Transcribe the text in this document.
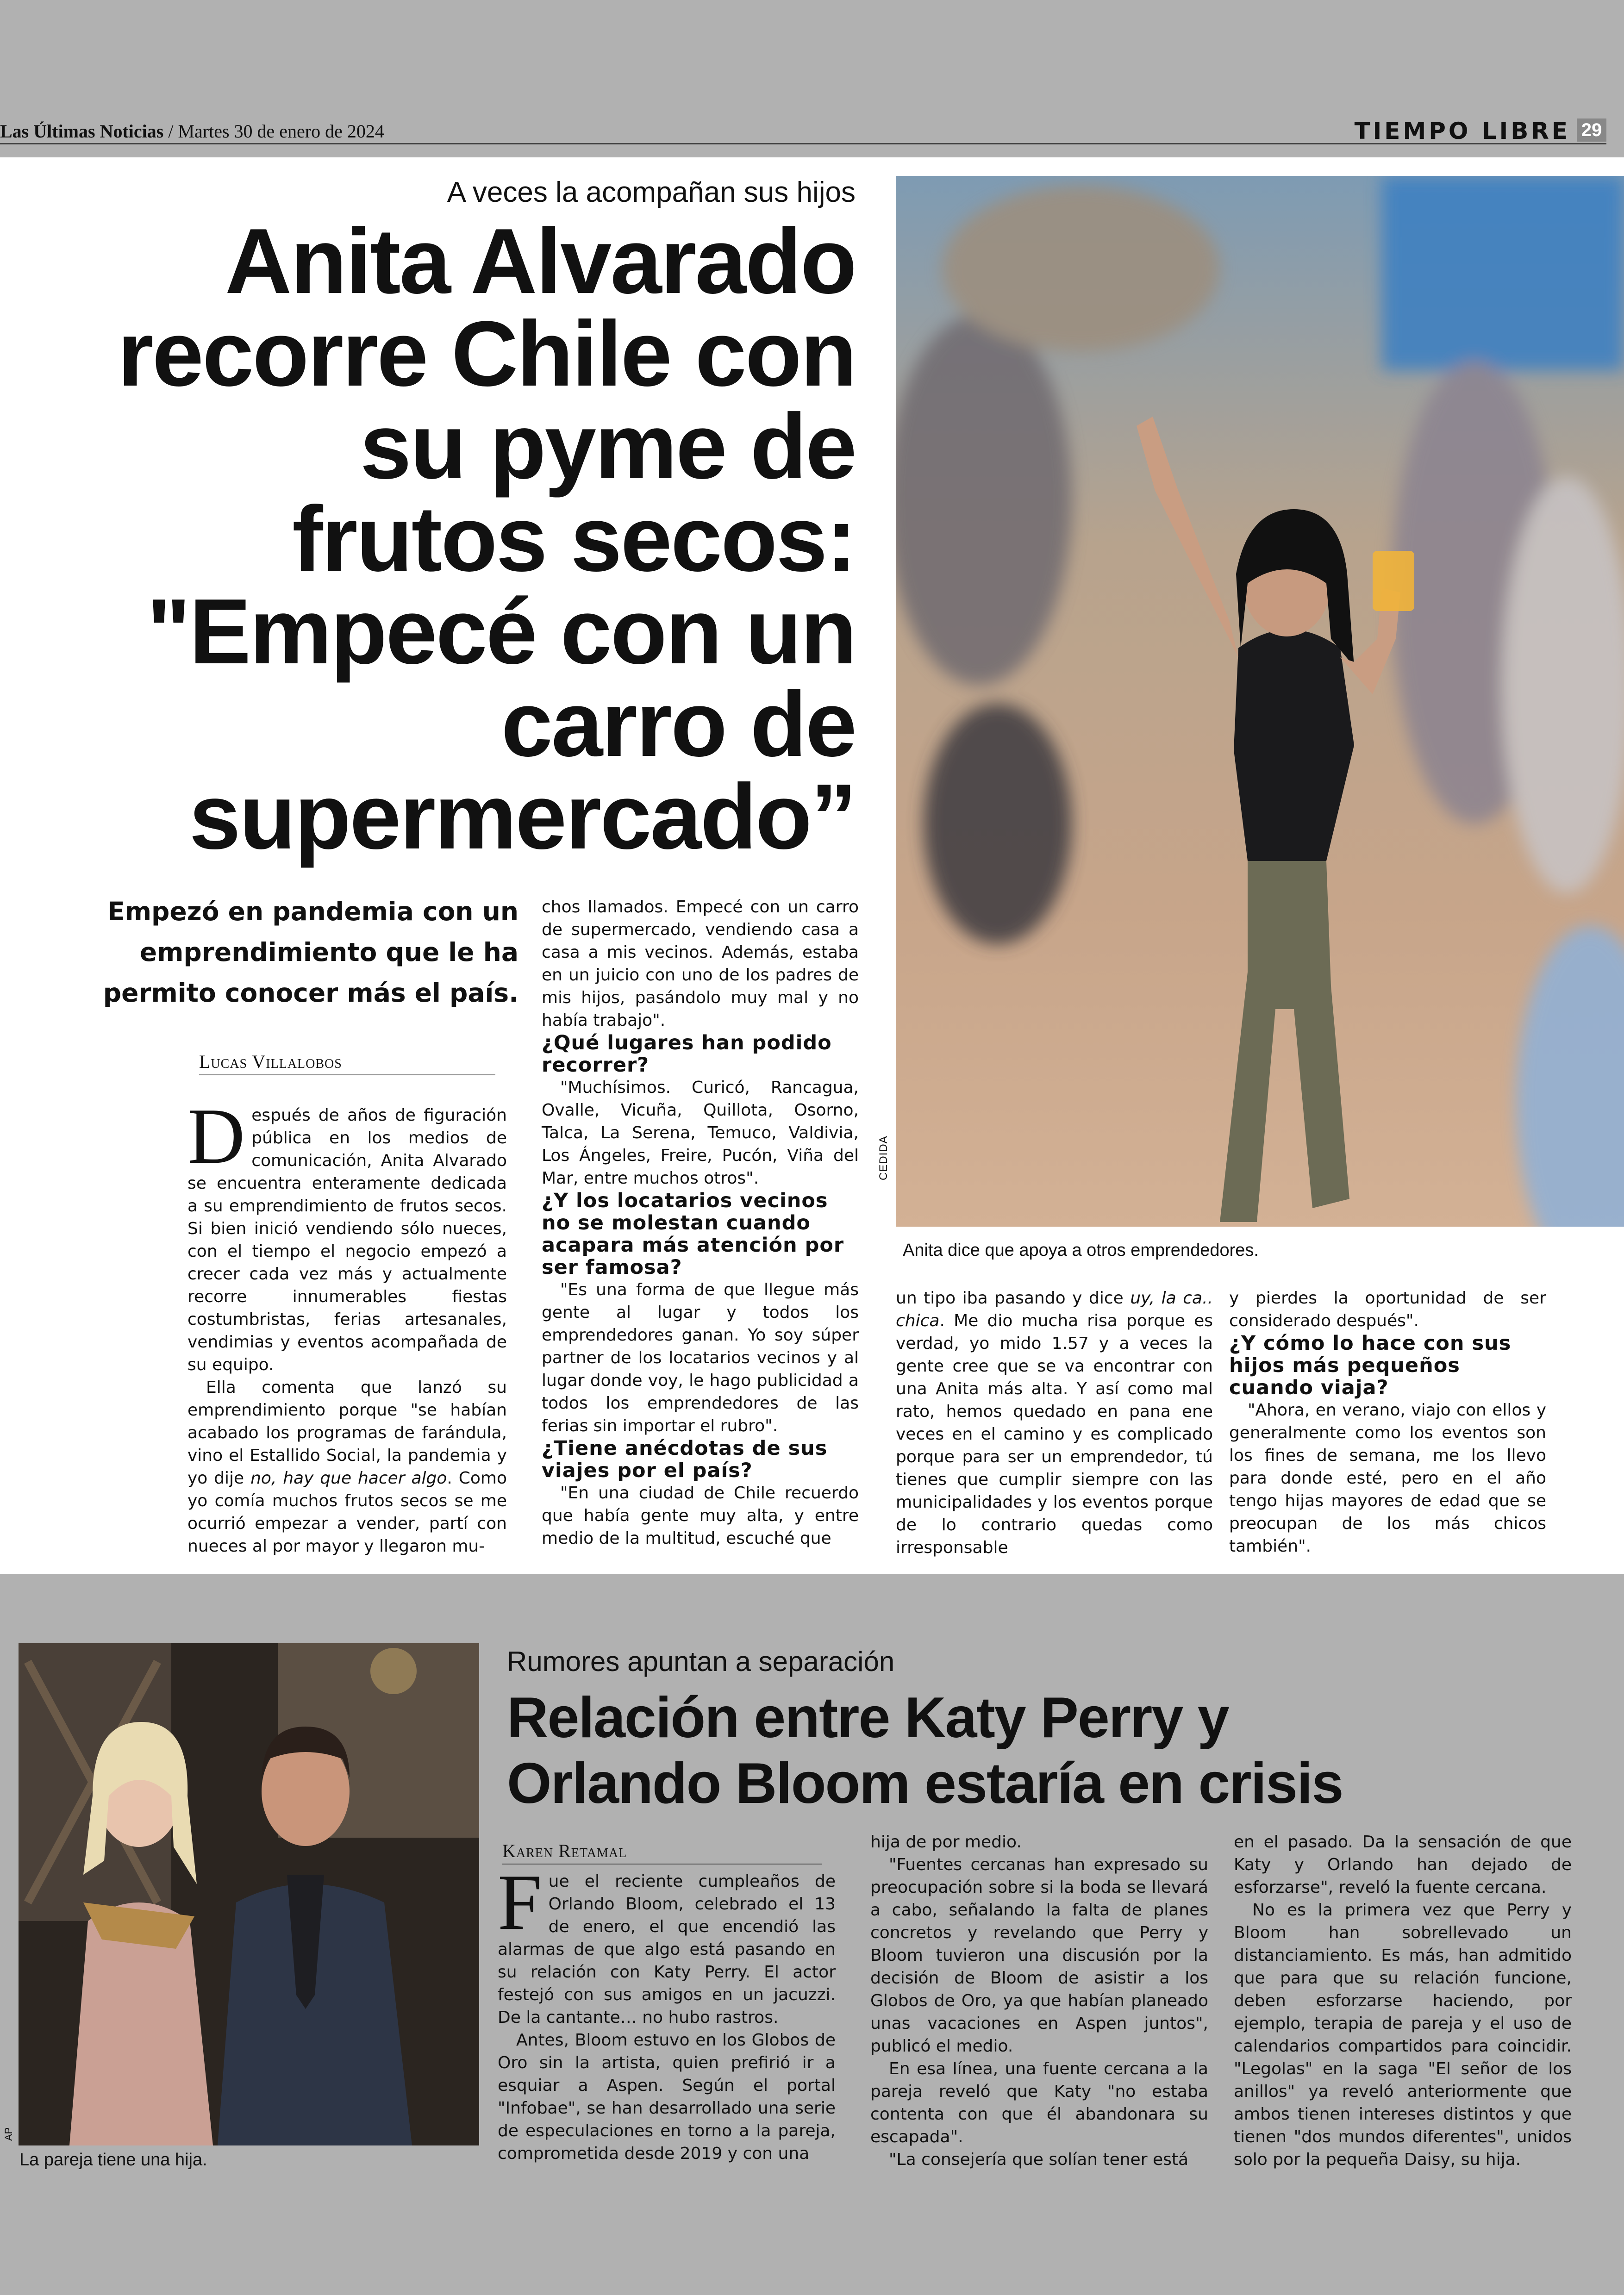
Las Últimas Noticias / Martes 30 de enero de 2024	TIEMPO LIBRE 29
A veces la acompañan sus hijos
Anita Alvarado recorre Chile con su pyme de frutos secos: "Empecé con un carro de supermercado”
Empezó en pandemia con un emprendimiento que le ha permito conocer más el país.
Lucas Villalobos
D espués de años de figuración pública en los medios de comunicación, Anita Alvarado se encuentra enteramente dedicada a su emprendimiento de frutos secos. Si bien inició vendiendo sólo nueces, con el tiempo el negocio empezó a crecer cada vez más y actualmente recorre innumerables fiestas costumbristas, ferias artesanales, vendimias y eventos acompañada de su equipo.

Ella comenta que lanzó su emprendimiento porque "se habían acabado los programas de farándula, vino el Estallido Social, la pandemia y yo dije no, hay que hacer algo. Como yo comía muchos frutos secos se me ocurrió empezar a vender, partí con nueces al por mayor y llegaron mu-

chos llamados. Empecé con un carro de supermercado, vendiendo casa a casa a mis vecinos. Además, estaba en un juicio con uno de los padres de mis hijos, pasándolo muy mal y no había trabajo".

¿Qué lugares han podido recorrer?

"Muchísimos. Curicó, Rancagua, Ovalle, Vicuña, Quillota, Osorno, Talca, La Serena, Temuco, Valdivia, Los Ángeles, Freire, Pucón, Viña del Mar, entre muchos otros".

¿Y los locatarios vecinos no se molestan cuando acapara más atención por ser famosa?

"Es una forma de que llegue más gente al lugar y todos los emprendedores ganan. Yo soy súper partner de los locatarios vecinos y al lugar donde voy, le hago publicidad a todos los emprendedores de las ferias sin importar el rubro".

¿Tiene anécdotas de sus viajes por el país?

"En una ciudad de Chile recuerdo que había gente muy alta, y entre medio de la multitud, escuché que

CEDIDA
Anita dice que apoya a otros emprendedores.

un tipo iba pasando y dice uy, la ca.. chica. Me dio mucha risa porque es verdad, yo mido 1.57 y a veces la gente cree que se va encontrar con una Anita más alta. Y así como mal rato, hemos quedado en pana ene veces en el camino y es complicado porque para ser un emprendedor, tú tienes que cumplir siempre con las municipalidades y los eventos porque de lo contrario quedas como irresponsable

y pierdes la oportunidad de ser considerado después".

¿Y cómo lo hace con sus hijos más pequeños cuando viaja?

"Ahora, en verano, viajo con ellos y generalmente como los eventos son los fines de semana, me los llevo para donde esté, pero en el año tengo hijas mayores de edad que se preocupan de los más chicos también".

AP
La pareja tiene una hija.
Rumores apuntan a separación
Relación entre Katy Perry y Orlando Bloom estaría en crisis
Karen Retamal
F ue el reciente cumpleaños de Orlando Bloom, celebrado el 13 de enero, el que encendió las alarmas de que algo está pasando en su relación con Katy Perry. El actor festejó con sus amigos en un jacuzzi. De la cantante… no hubo rastros.

Antes, Bloom estuvo en los Globos de Oro sin la artista, quien prefirió ir a esquiar a Aspen. Según el portal "Infobae", se han desarrollado una serie de especulaciones en torno a la pareja, comprometida desde 2019 y con una

hija de por medio.

"Fuentes cercanas han expresado su preocupación sobre si la boda se llevará a cabo, señalando la falta de planes concretos y revelando que Perry y Bloom tuvieron una discusión por la decisión de Bloom de asistir a los Globos de Oro, ya que habían planeado unas vacaciones en Aspen juntos", publicó el medio.

En esa línea, una fuente cercana a la pareja reveló que Katy "no estaba contenta con que él abandonara su escapada".

"La consejería que solían tener está

en el pasado. Da la sensación de que Katy y Orlando han dejado de esforzarse", reveló la fuente cercana.

No es la primera vez que Perry y Bloom han sobrellevado un distanciamiento. Es más, han admitido que para que su relación funcione, deben esforzarse haciendo, por ejemplo, terapia de pareja y el uso de calendarios compartidos para coincidir. "Legolas" en la saga "El señor de los anillos" ya reveló anteriormente que ambos tienen intereses distintos y que tienen "dos mundos diferentes", unidos solo por la pequeña Daisy, su hija.
